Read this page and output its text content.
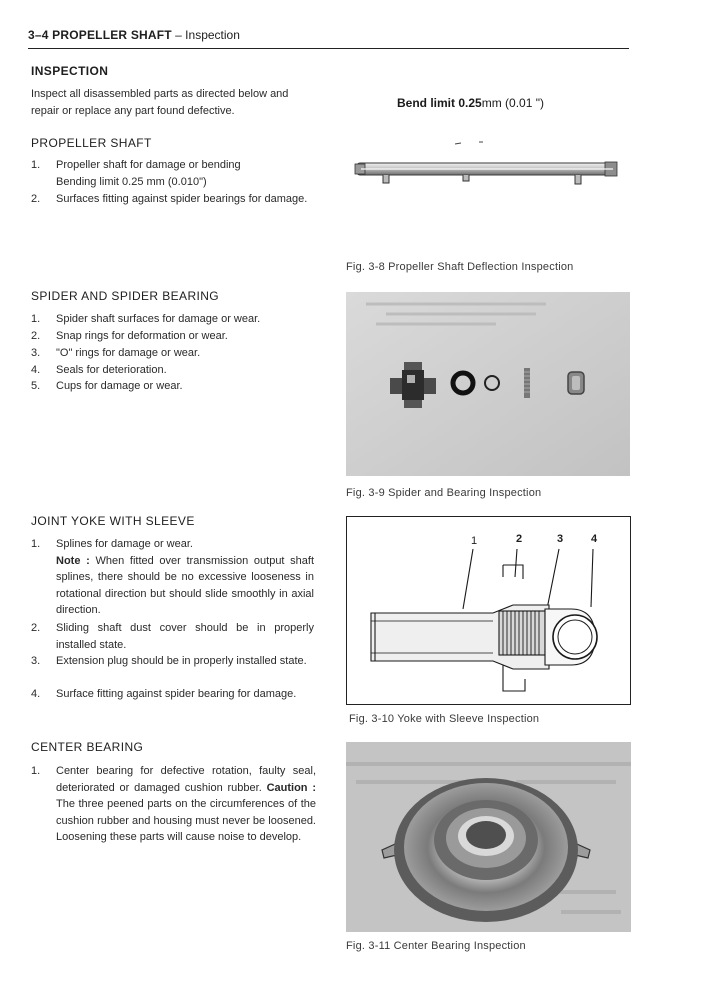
3–4 PROPELLER SHAFT – Inspection
INSPECTION
Inspect all disassembled parts as directed below and repair or replace any part found defective.
PROPELLER SHAFT
1. Propeller shaft for damage or bending
Bending limit 0.25 mm (0.010")
2. Surfaces fitting against spider bearings for damage.
SPIDER AND SPIDER BEARING
1. Spider shaft surfaces for damage or wear.
2. Snap rings for deformation or wear.
3. "O" rings for damage or wear.
4. Seals for deterioration.
5. Cups for damage or wear.
JOINT YOKE WITH SLEEVE
1. Splines for damage or wear.
Note : When fitted over transmission output shaft splines, there should be no excessive looseness in rotational direction but should slide smoothly in axial direction.
2. Sliding shaft dust cover should be in properly installed state.
3. Extension plug should be in properly installed state.
4. Surface fitting against spider bearing for damage.
CENTER BEARING
1. Center bearing for defective rotation, faulty seal, deteriorated or damaged cushion rubber. Caution : The three peened parts on the circumferences of the cushion rubber and housing must never be loosened. Loosening these parts will cause noise to develop.
Bend limit 0.25mm (0.01 ")
Fig. 3-8 Propeller Shaft Deflection Inspection
Fig. 3-9 Spider and Bearing Inspection
1	2	3	4
Fig. 3-10 Yoke with Sleeve Inspection
Fig. 3-11 Center Bearing Inspection
